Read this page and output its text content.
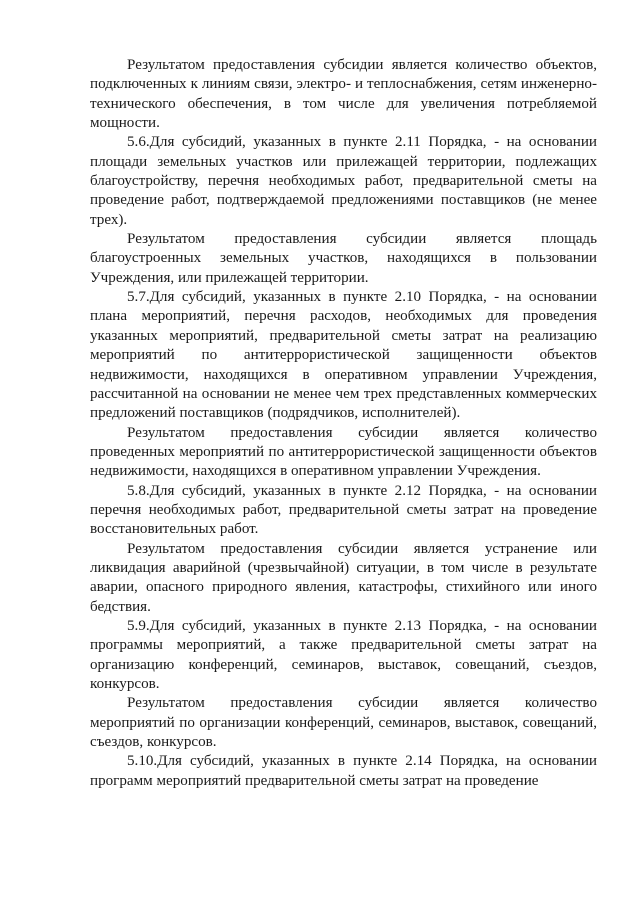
Результатом предоставления субсидии является количество объектов, подключенных к линиям связи, электро- и теплоснабжения, сетям инженерно-технического обеспечения, в том числе для увеличения потребляемой мощности.

5.6.Для субсидий, указанных в пункте 2.11 Порядка, - на основании площади земельных участков или прилежащей территории, подлежащих благоустройству, перечня необходимых работ, предварительной сметы на проведение работ, подтверждаемой предложениями поставщиков (не менее трех).

Результатом предоставления субсидии является площадь благоустроенных земельных участков, находящихся в пользовании Учреждения, или прилежащей территории.

5.7.Для субсидий, указанных в пункте 2.10 Порядка, - на основании плана мероприятий, перечня расходов, необходимых для проведения указанных мероприятий, предварительной сметы затрат на реализацию мероприятий по антитеррористической защищенности объектов недвижимости, находящихся в оперативном управлении Учреждения, рассчитанной на основании не менее чем трех представленных коммерческих предложений поставщиков (подрядчиков, исполнителей).

Результатом предоставления субсидии является количество проведенных мероприятий по антитеррористической защищенности объектов недвижимости, находящихся в оперативном управлении Учреждения.

5.8.Для субсидий, указанных в пункте 2.12 Порядка, - на основании перечня необходимых работ, предварительной сметы затрат на проведение восстановительных работ.

Результатом предоставления субсидии является устранение или ликвидация аварийной (чрезвычайной) ситуации, в том числе в результате аварии, опасного природного явления, катастрофы, стихийного или иного бедствия.

5.9.Для субсидий, указанных в пункте 2.13 Порядка, - на основании программы мероприятий, а также предварительной сметы затрат на организацию конференций, семинаров, выставок, совещаний, съездов, конкурсов.

Результатом предоставления субсидии является количество мероприятий по организации конференций, семинаров, выставок, совещаний, съездов, конкурсов.

5.10.Для субсидий, указанных в пункте 2.14 Порядка, на основании программ мероприятий предварительной сметы затрат на проведение
